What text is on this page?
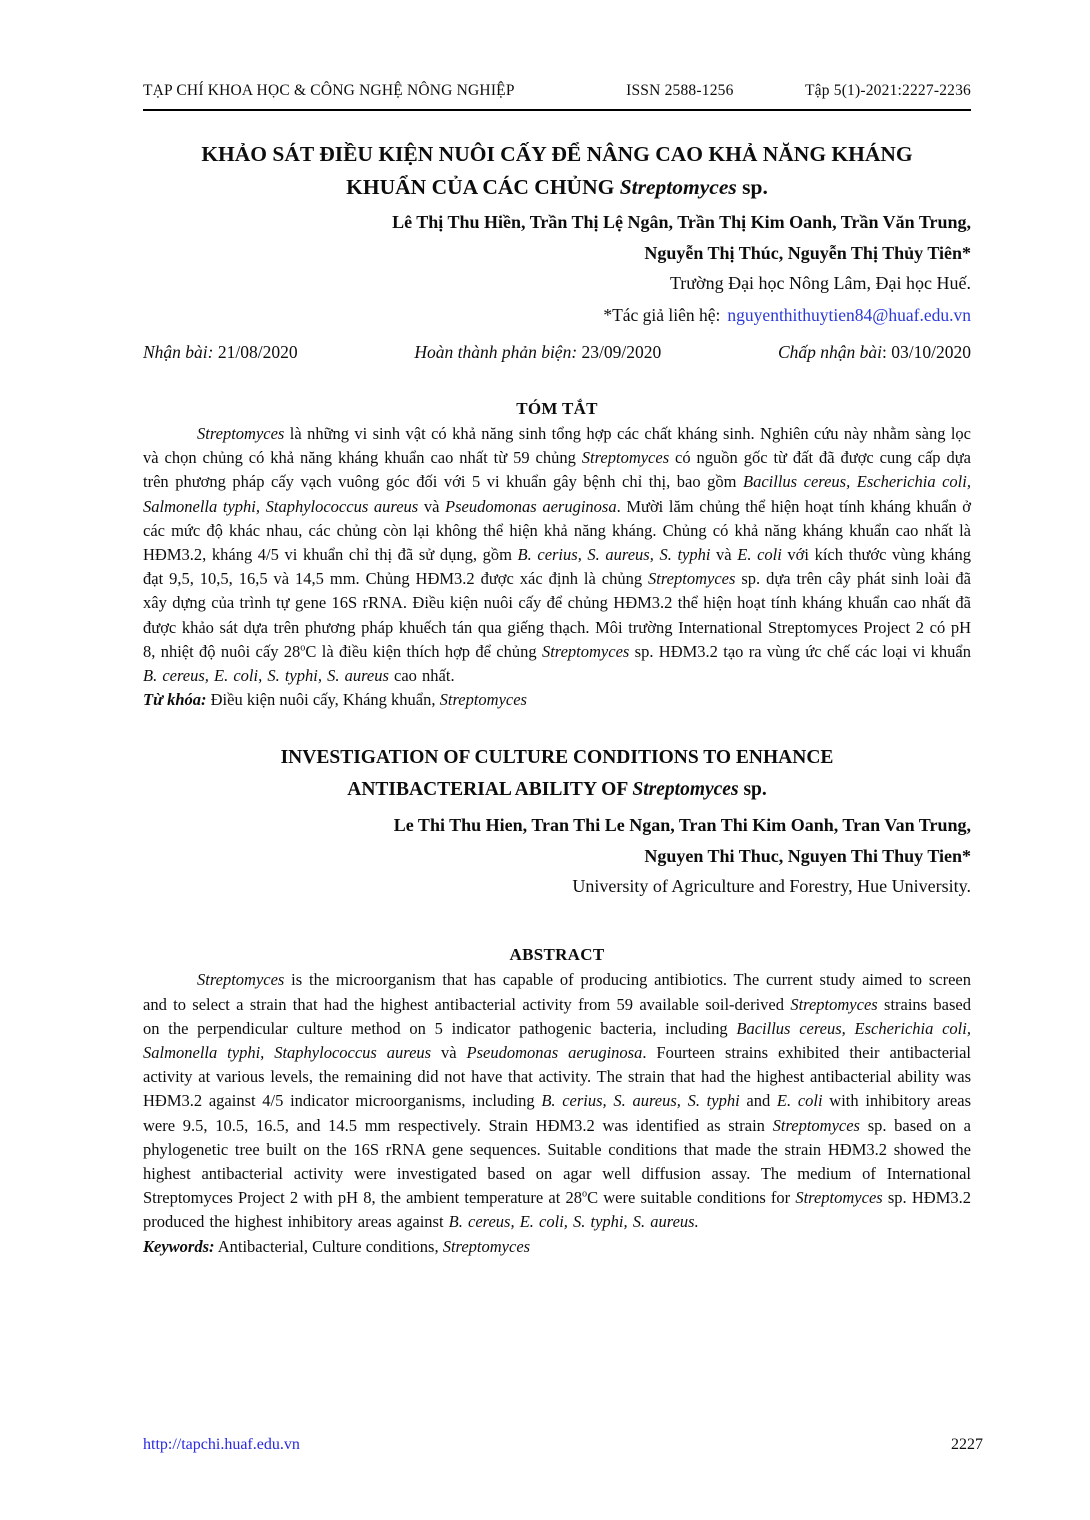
TẠP CHÍ KHOA HỌC & CÔNG NGHỆ NÔNG NGHIỆP	ISSN 2588-1256	Tập 5(1)-2021:2227-2236
KHẢO SÁT ĐIỀU KIỆN NUÔI CẤY ĐỂ NÂNG CAO KHẢ NĂNG KHÁNG
KHUẨN CỦA CÁC CHỦNG Streptomyces sp.
Lê Thị Thu Hiền, Trần Thị Lệ Ngân, Trần Thị Kim Oanh, Trần Văn Trung,
Nguyễn Thị Thúc, Nguyễn Thị Thủy Tiên*
Trường Đại học Nông Lâm, Đại học Huế.
*Tác giả liên hệ: nguyenthithuytien84@huaf.edu.vn
Nhận bài: 21/08/2020	Hoàn thành phản biện: 23/09/2020	Chấp nhận bài: 03/10/2020
TÓM TẮT

Streptomyces là những vi sinh vật có khả năng sinh tổng hợp các chất kháng sinh. Nghiên cứu này nhằm sàng lọc và chọn chủng có khả năng kháng khuẩn cao nhất từ 59 chủng Streptomyces có nguồn gốc từ đất đã được cung cấp dựa trên phương pháp cấy vạch vuông góc đối với 5 vi khuẩn gây bệnh chỉ thị, bao gồm Bacillus cereus, Escherichia coli, Salmonella typhi, Staphylococcus aureus và Pseudomonas aeruginosa. Mười lăm chủng thể hiện hoạt tính kháng khuẩn ở các mức độ khác nhau, các chủng còn lại không thể hiện khả năng kháng. Chủng có khả năng kháng khuẩn cao nhất là HĐM3.2, kháng 4/5 vi khuẩn chỉ thị đã sử dụng, gồm B. cerius, S. aureus, S. typhi và E. coli với kích thước vùng kháng đạt 9,5, 10,5, 16,5 và 14,5 mm. Chủng HĐM3.2 được xác định là chủng Streptomyces sp. dựa trên cây phát sinh loài đã xây dựng của trình tự gene 16S rRNA. Điều kiện nuôi cấy để chủng HĐM3.2 thể hiện hoạt tính kháng khuẩn cao nhất đã được khảo sát dựa trên phương pháp khuếch tán qua giếng thạch. Môi trường International Streptomyces Project 2 có pH 8, nhiệt độ nuôi cấy 28$^o$C là điều kiện thích hợp để chủng Streptomyces sp. HĐM3.2 tạo ra vùng ức chế các loại vi khuẩn B. cereus, E. coli, S. typhi, S. aureus cao nhất.

Từ khóa: Điều kiện nuôi cấy, Kháng khuẩn, Streptomyces

INVESTIGATION OF CULTURE CONDITIONS TO ENHANCE
ANTIBACTERIAL ABILITY OF Streptomyces sp.
Le Thi Thu Hien, Tran Thi Le Ngan, Tran Thi Kim Oanh, Tran Van Trung,
Nguyen Thi Thuc, Nguyen Thi Thuy Tien*
University of Agriculture and Forestry, Hue University.
ABSTRACT

Streptomyces is the microorganism that has capable of producing antibiotics. The current study aimed to screen and to select a strain that had the highest antibacterial activity from 59 available soil-derived Streptomyces strains based on the perpendicular culture method on 5 indicator pathogenic bacteria, including Bacillus cereus, Escherichia coli, Salmonella typhi, Staphylococcus aureus và Pseudomonas aeruginosa. Fourteen strains exhibited their antibacterial activity at various levels, the remaining did not have that activity. The strain that had the highest antibacterial ability was HĐM3.2 against 4/5 indicator microorganisms, including B. cerius, S. aureus, S. typhi and E. coli with inhibitory areas were 9.5, 10.5, 16.5, and 14.5 mm respectively. Strain HĐM3.2 was identified as strain Streptomyces sp. based on a phylogenetic tree built on the 16S rRNA gene sequences. Suitable conditions that made the strain HĐM3.2 showed the highest antibacterial activity were investigated based on agar well diffusion assay. The medium of International Streptomyces Project 2 with pH 8, the ambient temperature at 28$^o$C were suitable conditions for Streptomyces sp. HĐM3.2 produced the highest inhibitory areas against B. cereus, E. coli, S. typhi, S. aureus.

Keywords: Antibacterial, Culture conditions, Streptomyces

http://tapchi.huaf.edu.vn	2227
